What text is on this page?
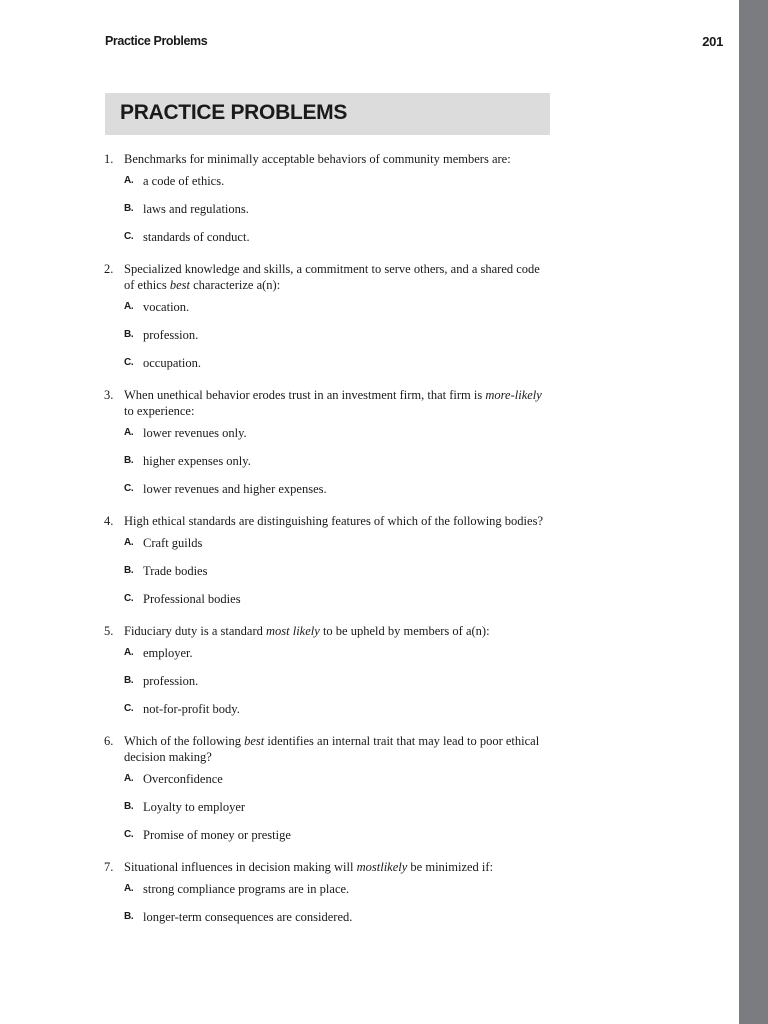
Practice Problems	201
PRACTICE PROBLEMS
1. Benchmarks for minimally acceptable behaviors of community members are:
A. a code of ethics.
B. laws and regulations.
C. standards of conduct.
2. Specialized knowledge and skills, a commitment to serve others, and a shared code of ethics best characterize a(n):
A. vocation.
B. profession.
C. occupation.
3. When unethical behavior erodes trust in an investment firm, that firm is more-likely to experience:
A. lower revenues only.
B. higher expenses only.
C. lower revenues and higher expenses.
4. High ethical standards are distinguishing features of which of the following bodies?
A. Craft guilds
B. Trade bodies
C. Professional bodies
5. Fiduciary duty is a standard most likely to be upheld by members of a(n):
A. employer.
B. profession.
C. not-for-profit body.
6. Which of the following best identifies an internal trait that may lead to poor ethical decision making?
A. Overconfidence
B. Loyalty to employer
C. Promise of money or prestige
7. Situational influences in decision making will mostlikely be minimized if:
A. strong compliance programs are in place.
B. longer-term consequences are considered.
